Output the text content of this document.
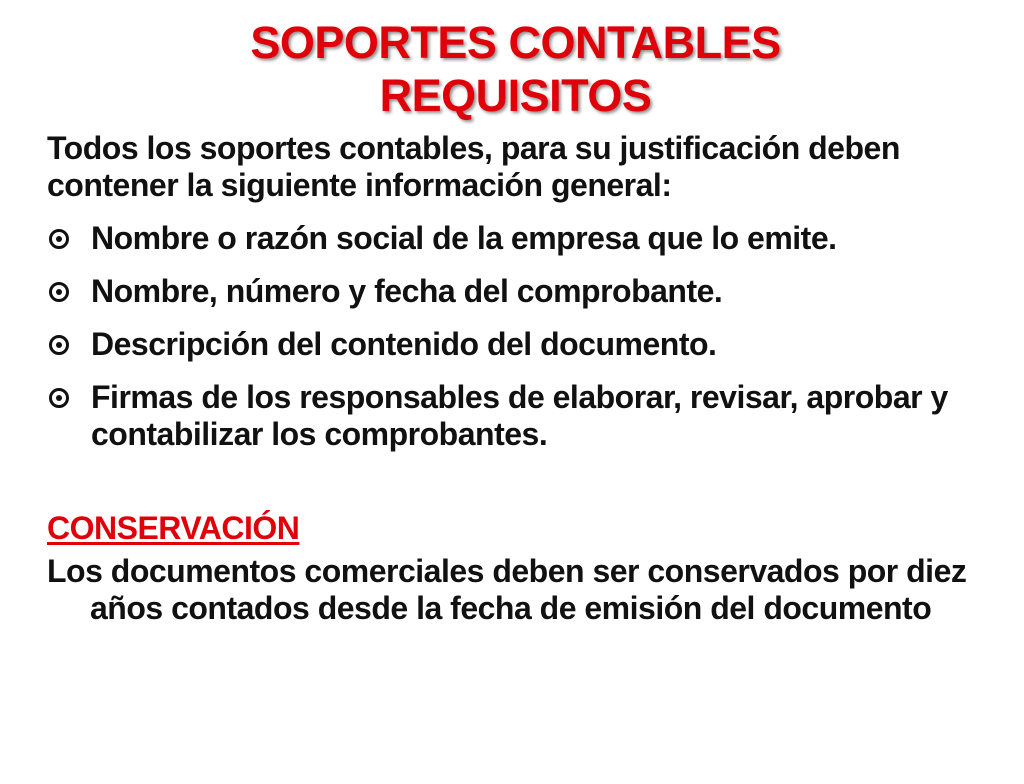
SOPORTES CONTABLES
REQUISITOS
Todos los soportes contables, para su justificación deben contener la siguiente información general:
Nombre o razón social de la empresa que lo emite.
Nombre, número y fecha del comprobante.
Descripción del contenido del documento.
Firmas de los responsables de elaborar, revisar, aprobar y contabilizar los comprobantes.
CONSERVACIÓN
Los documentos comerciales deben ser conservados por diez años contados desde la fecha de emisión del documento
